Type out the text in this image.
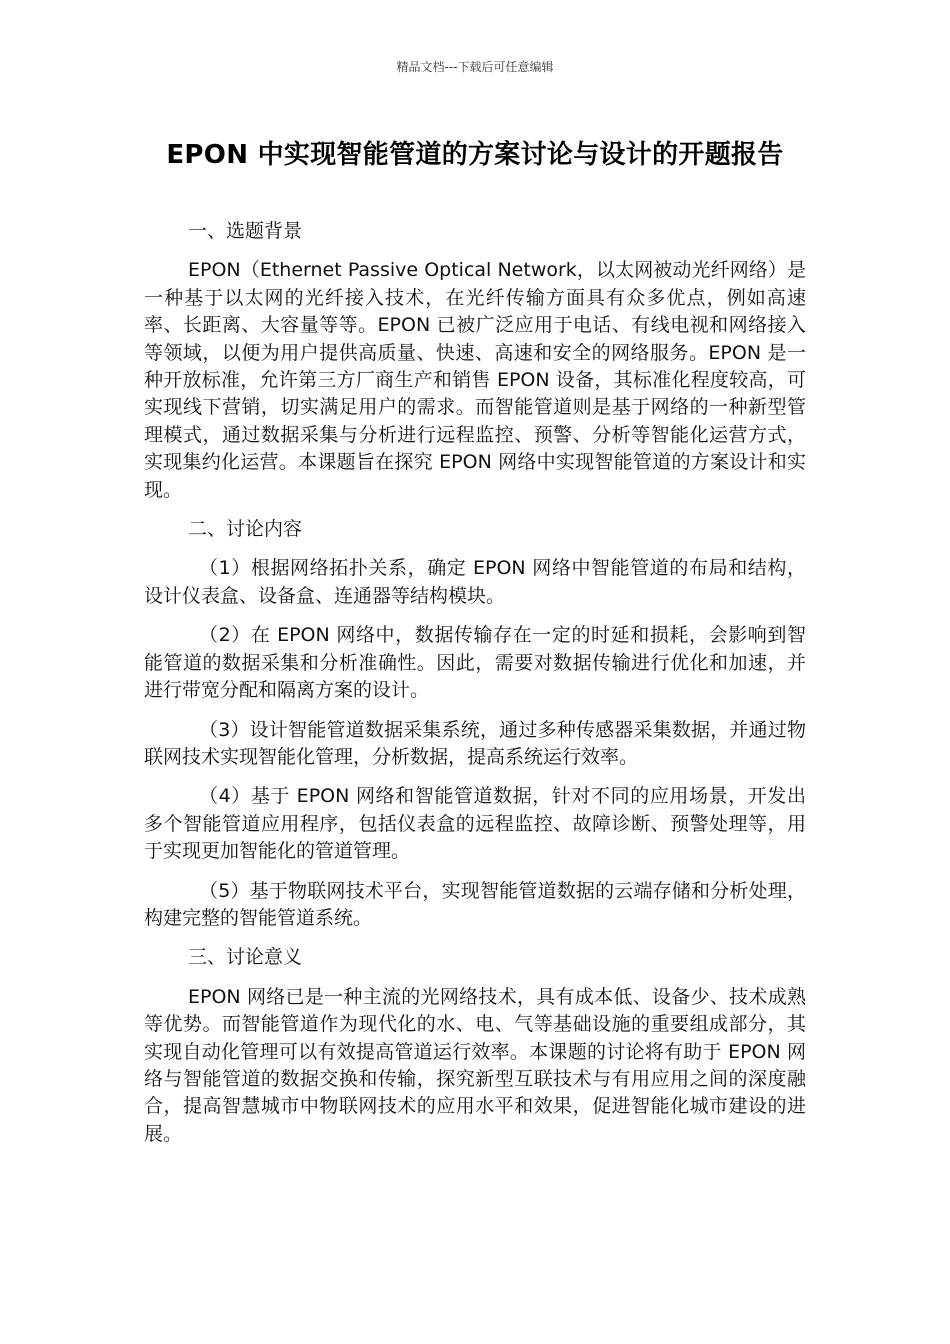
精品文档---下载后可任意编辑
EPON 中实现智能管道的方案讨论与设计的开题报告

一、选题背景

EPON（Ethernet Passive Optical Network，以太网被动光纤网络）是一种基于以太网的光纤接入技术，在光纤传输方面具有众多优点，例如高速率、长距离、大容量等等。EPON 已被广泛应用于电话、有线电视和网络接入等领域，以便为用户提供高质量、快速、高速和安全的网络服务。EPON 是一种开放标准，允许第三方厂商生产和销售 EPON 设备，其标准化程度较高，可实现线下营销，切实满足用户的需求。而智能管道则是基于网络的一种新型管理模式，通过数据采集与分析进行远程监控、预警、分析等智能化运营方式，实现集约化运营。本课题旨在探究 EPON 网络中实现智能管道的方案设计和实现。

二、讨论内容

（1）根据网络拓扑关系，确定 EPON 网络中智能管道的布局和结构，设计仪表盒、设备盒、连通器等结构模块。

（2）在 EPON 网络中，数据传输存在一定的时延和损耗，会影响到智能管道的数据采集和分析准确性。因此，需要对数据传输进行优化和加速，并进行带宽分配和隔离方案的设计。

（3）设计智能管道数据采集系统，通过多种传感器采集数据，并通过物联网技术实现智能化管理，分析数据，提高系统运行效率。

（4）基于 EPON 网络和智能管道数据，针对不同的应用场景，开发出多个智能管道应用程序，包括仪表盒的远程监控、故障诊断、预警处理等，用于实现更加智能化的管道管理。

（5）基于物联网技术平台，实现智能管道数据的云端存储和分析处理，构建完整的智能管道系统。

三、讨论意义

EPON 网络已是一种主流的光网络技术，具有成本低、设备少、技术成熟等优势。而智能管道作为现代化的水、电、气等基础设施的重要组成部分，其实现自动化管理可以有效提高管道运行效率。本课题的讨论将有助于 EPON 网络与智能管道的数据交换和传输，探究新型互联技术与有用应用之间的深度融合，提高智慧城市中物联网技术的应用水平和效果，促进智能化城市建设的进展。
